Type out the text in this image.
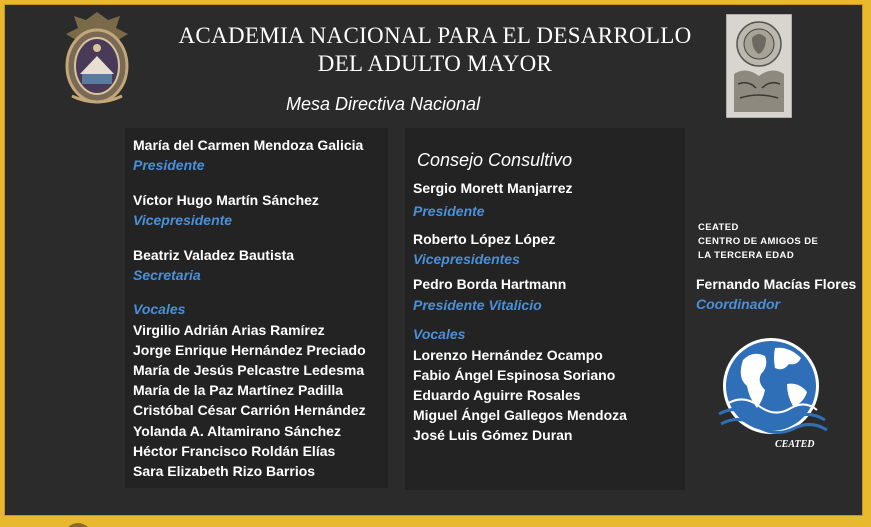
ACADEMIA NACIONAL PARA EL DESARROLLO
DEL ADULTO MAYOR
Mesa Directiva Nacional
María del Carmen Mendoza Galicia
Presidente
Víctor Hugo Martín Sánchez
Vicepresidente
Beatriz Valadez Bautista
Secretaria
Vocales
Virgilio Adrián Arias Ramírez
Jorge Enrique Hernández Preciado
María de Jesús Pelcastre Ledesma
María de la Paz Martínez Padilla
Cristóbal César Carrión Hernández
Yolanda A. Altamirano Sánchez
Héctor Francisco Roldán Elías
Sara Elizabeth Rizo Barrios
Consejo Consultivo
Sergio Morett Manjarrez
Presidente
Roberto López López
Vicepresidentes
Pedro Borda Hartmann
Presidente Vitalicio
Vocales
Lorenzo Hernández Ocampo
Fabio Ángel Espinosa Soriano
Eduardo Aguirre Rosales
Miguel Ángel Gallegos Mendoza
José Luis Gómez Duran
CEATED
CENTRO DE AMIGOS DE
LA TERCERA EDAD
Fernando Macías Flores
Coordinador
CEATED
